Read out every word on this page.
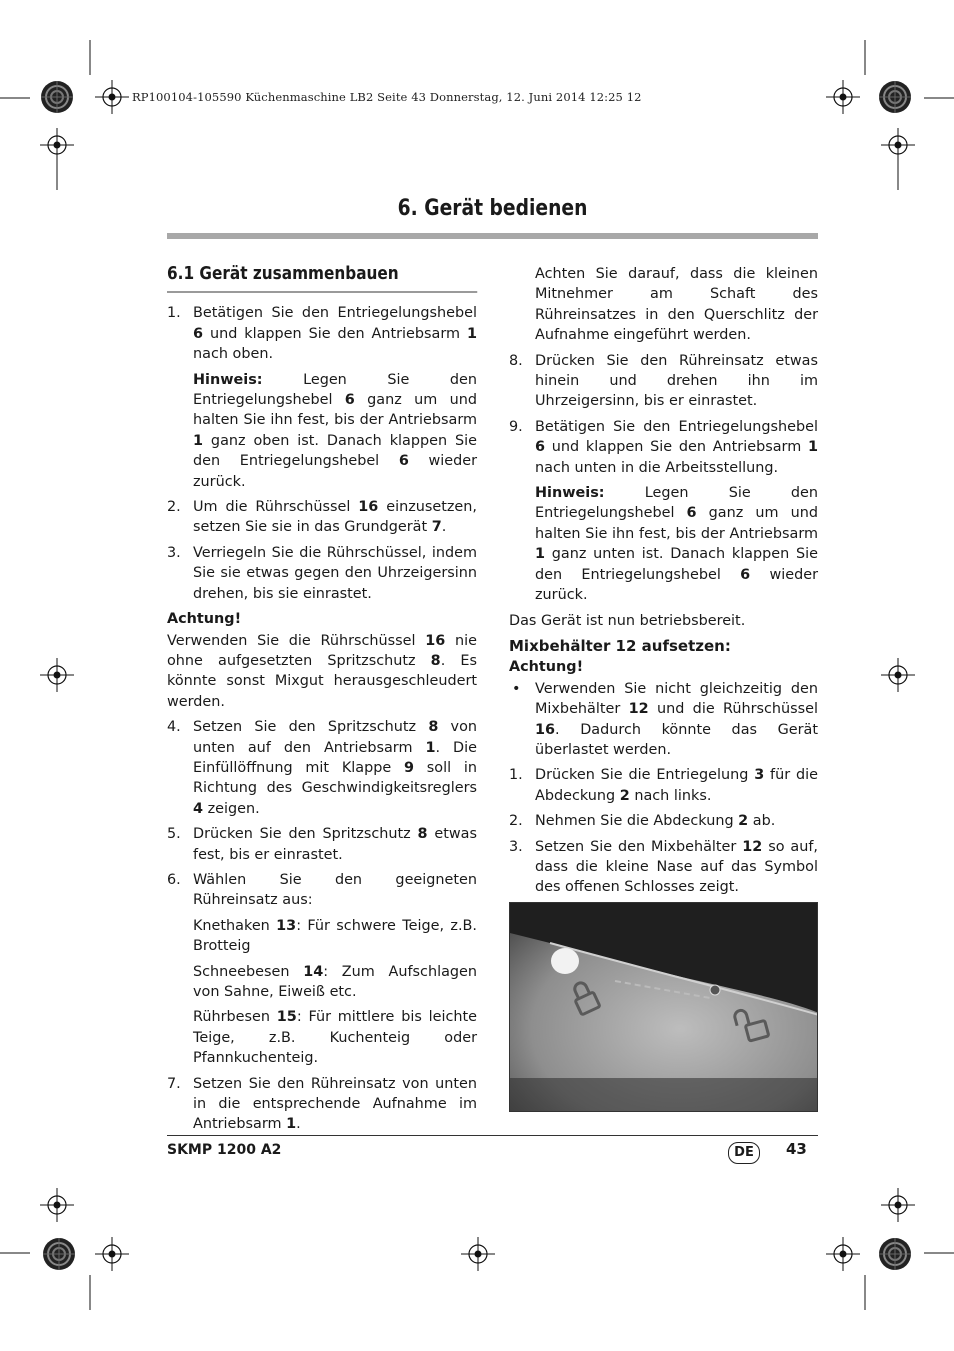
RP100104-105590 Küchenmaschine LB2 Seite 43 Donnerstag, 12. Juni 2014 12:25 12
6. Gerät bedienen
6.1 Gerät zusammenbauen
1. Betätigen Sie den Entriegelungshebel 6 und klappen Sie den Antriebsarm 1 nach oben.
Hinweis: Legen Sie den Entriegelungshebel 6 ganz um und halten Sie ihn fest, bis der Antriebsarm 1 ganz oben ist. Danach klappen Sie den Entriegelungshebel 6 wieder zurück.
2. Um die Rührschüssel 16 einzusetzen, setzen Sie sie in das Grundgerät 7.
3. Verriegeln Sie die Rührschüssel, indem Sie sie etwas gegen den Uhrzeigersinn drehen, bis sie einrastet.
Achtung!
Verwenden Sie die Rührschüssel 16 nie ohne aufgesetzten Spritzschutz 8. Es könnte sonst Mixgut herausgeschleudert werden.
4. Setzen Sie den Spritzschutz 8 von unten auf den Antriebsarm 1. Die Einfüllöffnung mit Klappe 9 soll in Richtung des Geschwindigkeitsreglers 4 zeigen.
5. Drücken Sie den Spritzschutz 8 etwas fest, bis er einrastet.
6. Wählen Sie den geeigneten Rühreinsatz aus:
Knethaken 13: Für schwere Teige, z.B. Brotteig
Schneebesen 14: Zum Aufschlagen von Sahne, Eiweiß etc.
Rührbesen 15: Für mittlere bis leichte Teige, z.B. Kuchenteig oder Pfannkuchenteig.
7. Setzen Sie den Rühreinsatz von unten in die entsprechende Aufnahme im Antriebsarm 1.
Achten Sie darauf, dass die kleinen Mitnehmer am Schaft des Rühreinsatzes in den Querschlitz der Aufnahme eingeführt werden.
8. Drücken Sie den Rühreinsatz etwas hinein und drehen ihn im Uhrzeigersinn, bis er einrastet.
9. Betätigen Sie den Entriegelungshebel 6 und klappen Sie den Antriebsarm 1 nach unten in die Arbeitsstellung.
Hinweis: Legen Sie den Entriegelungshebel 6 ganz um und halten Sie ihn fest, bis der Antriebsarm 1 ganz unten ist. Danach klappen Sie den Entriegelungshebel 6 wieder zurück.
Das Gerät ist nun betriebsbereit.
Mixbehälter 12 aufsetzen:
Achtung!
•	Verwenden Sie nicht gleichzeitig den Mixbehälter 12 und die Rührschüssel 16. Dadurch könnte das Gerät überlastet werden.
1. Drücken Sie die Entriegelung 3 für die Abdeckung 2 nach links.
2. Nehmen Sie die Abdeckung 2 ab.
3. Setzen Sie den Mixbehälter 12 so auf, dass die kleine Nase auf das Symbol des offenen Schlosses zeigt.
SKMP 1200 A2	DE	43
